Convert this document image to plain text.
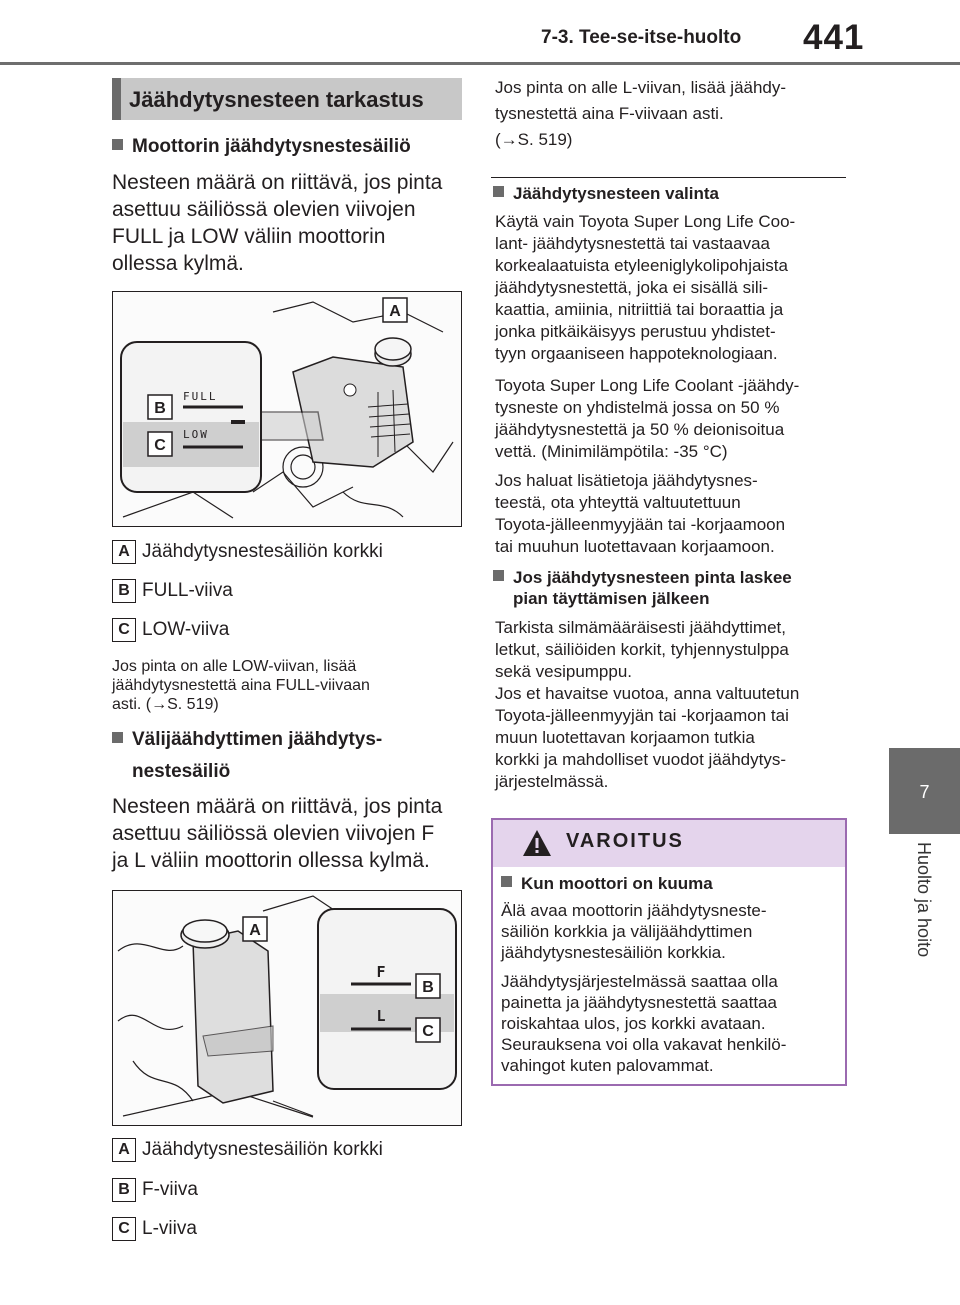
7-3. Tee-se-itse-huolto 441
7
Huolto ja hoito
Jäähdytysnesteen tarkastus
Moottorin jäähdytysnestesäiliö
Nesteen määrä on riittävä, jos pinta
asettuu säiliössä olevien viivojen
FULL ja LOW väliin moottorin
ollessa kylmä.
FULL
LOW
A
B
C
A Jäähdytysnestesäiliön korkki
B FULL-viiva
C LOW-viiva
Jos pinta on alle LOW-viivan, lisää
jäähdytysnestettä aina FULL-viivaan
asti. (→S. 519)
Välijäähdyttimen jäähdytys-
nestesäiliö
Nesteen määrä on riittävä, jos pinta
asettuu säiliössä olevien viivojen F
ja L väliin moottorin ollessa kylmä.
F
L
A
B
C
A Jäähdytysnestesäiliön korkki
B F-viiva
C L-viiva
Jos pinta on alle L-viivan, lisää jäähdy-
tysnestettä aina F-viivaan asti.
(→S. 519)
Jäähdytysnesteen valinta
Käytä vain Toyota Super Long Life Coo-
lant- jäähdytysnestettä tai vastaavaa
korkealaatuista etyleeniglykolipohjaista
jäähdytysnestettä, joka ei sisällä sili-
kaattia, amiinia, nitriittiä tai boraattia ja
jonka pitkäikäisyys perustuu yhdistet-
tyyn orgaaniseen happoteknologiaan.
Toyota Super Long Life Coolant -jäähdy-
tysneste on yhdistelmä jossa on 50 %
jäähdytysnestettä ja 50 % deionisoitua
vettä. (Minimilämpötila: -35 °C)
Jos haluat lisätietoja jäähdytysnes-
teestä, ota yhteyttä valtuutettuun
Toyota-jälleenmyyjään tai -korjaamoon
tai muuhun luotettavaan korjaamoon.
Jos jäähdytysnesteen pinta laskee
pian täyttämisen jälkeen
Tarkista silmämääräisesti jäähdyttimet,
letkut, säiliöiden korkit, tyhjennystulppa
sekä vesipumppu.
Jos et havaitse vuotoa, anna valtuutetun
Toyota-jälleenmyyjän tai -korjaamon tai
muun luotettavan korjaamon tutkia
korkki ja mahdolliset vuodot jäähdytys-
järjestelmässä.
VAROITUS
Kun moottori on kuuma

Älä avaa moottorin jäähdytysneste-
säiliön korkkia ja välijäähdyttimen
jäähdytysnestesäiliön korkkia.

Jäähdytysjärjestelmässä saattaa olla
painetta ja jäähdytysnestettä saattaa
roiskahtaa ulos, jos korkki avataan.
Seurauksena voi olla vakavat henkilö-
vahingot kuten palovammat.
